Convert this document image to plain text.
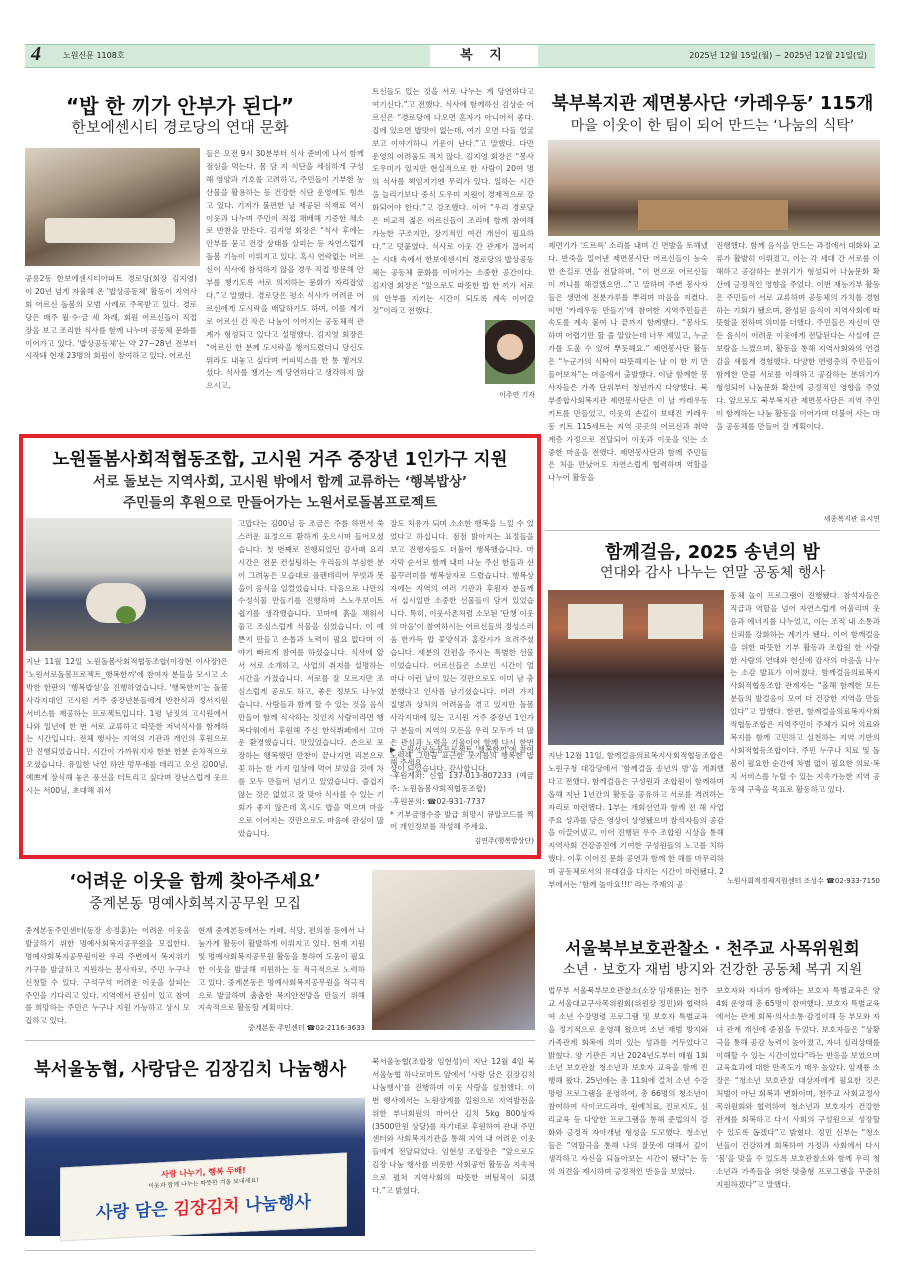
4	노원신문 1108호	복 지	2025년 12월 15일(월) ~ 2025년 12월 21일(일)
“밥 한 끼가 안부가 된다”
한보에센시티 경로당의 연대 문화
공릉2동 한보에센시티아파트 경로당(회장 김지영)이 20년 넘게 자율해 온 '밥상공동체' 활동이 지역사회 어르신 돌봄의 모범 사례로 주목받고 있다. 경로당은 매주 월·수·금 세 차례, 회원 어르신들이 직접 장을 보고 조리한 식사를 함께 나누며 공동체 문화를 이어가고 있다. '밥상공동체'는 약 27~28년 전부터 시작돼 현재 23명의 회원이 참여하고 있다. 어르신
들은 오전 9시 30분부터 식사 준비에 나서 함께 점심을 먹는다. 몸 담 지 식단을 세심하게 구성해 영양과 기호를 고려하고, 주민들이 기부한 농산물을 활용하는 등 건강한 식단 운영에도 힘쓰고 있다. 기저가 불편한 날 제공된 식재료 역시 이웃과 나누며 주민이 직접 채배해 기증한 채소로 반찬을 만든다. 김지영 회장은 “식사 후에는 안부를 묻고 건강 상태를 살피는 등 자연스럽게 돌봄 기능이 이뤄지고 있다. 혹시 연락없는 어르신이 식사에 참석하지 않을 경우 직접 방문해 안부를 챙기도록 서로 의지하는 문화가 자리잡았다.”고 말했다. 경로당은 평소 식사가 어려운 어르신에게 도시락을 배달하기도 하며, 이를 계기로 어르신 간 작은 나눔이 이어지는 공동체적 관계가 형성되고 있다고 설명했다. 김지영 회장은 “어르신 한 분께 도시락을 챙겨드렸더니 당신도 뭐라도 내놓고 싶다며 커피믹스를 한 통 챙겨오셨다. 식사를 챙기는 게 당연하다고 생각하지 않으시고,
트신들도 있는 것을 서로 나누는 게 당연하다고 여기신다.”고 전했다. 식사에 함께하신 김상순 어르신은 “경로당에 나오면 혼자가 아니어서 좋다. 집에 있으면 밥맛이 없는데, 여기 오면 다들 얼굴 보고 이야기하니 기운이 난다.”고 말했다. 다만 운영의 어려움도 적지 않다. 김지영 회장은 “봉사 도우미가 있지만 현실적으로 한 사람이 20여 명의 식사를 책임지기엔 무리가 있다. 일하는 시간을 늘리기보다 중식 도우미 지원이 경제적으로 강화되어야 한다.”고 강조했다. 이어 “우리 경로당은 비교적 젊은 어르신들이 조리에 함께 참여해 가능한 구조지만, 장기적인 여건 개선이 필요하다.”고 덧붙였다. 식사로 이웃 간 관계가 끊어지는 시대 속에서 한보에센시티 경로당의 밥상공동체는 공동체 문화를 이어가는 소중한 공간이다. 김지영 회장은 “앞으로도 따뜻한 밥 한 끼가 서로의 안부를 지키는 시간이 되도록 계속 이어갈 것”이라고 전했다.
이주연 기자
노원돌봄사회적협동조합, 고시원 거주 중장년 1인가구 지원
서로 돌보는 지역사회, 고시원 밖에서 함께 교류하는 ‘행복밥상’
주민들의 후원으로 만들어가는 노원서로돌봄프로젝트
지난 11월 12일 노원돌봄사회적협동조합(이장현 이사장)은 '노원서로돌봄프로젝트_행복한끼'에 참여자 분들을 모시고 소박한 한판의 '행복밥상'을 진행하였습니다. '행복한끼'는 돌봄 사각지대인 고시원 거주 중장년분들에게 반찬식과 정서지원 서비스를 제공하는 프로젝트입니다. 1평 남짓의 고시원에서 나와 일년에 한 번 서로 교류하고 따뜻한 저녁식사를 함께하는 시간입니다. 전체 행사는 지역의 기관과 개인의 후원으로만 진행되었습니다. 시간이 가까워지자 한분 한분 순차적으로 오셨습니다. 유일한 낙인 하얀 멍무새를 데리고 오신 김00님, 예쁘게 장식해 놓은 풍선을 터트리고 싶다며 장난스럽게 웃으시는 서00님, 초대해 줘서
고맙다는 김00님 등 조금은 주름 하면서 쑥스러운 표정으로 환하게 웃으시며 들어오셨습니다. 첫 번째로 진행되었던 감사패 요리 시간은 전문 컨설팅하는 우리들의 부심한 분이 그려놓은 모습대로 플랜테리어 무엇과 봇을이 음식을 일컬었습니다. 다음으로 나만의 수정식물 만들기를 진행하며 스노우보이트 쉽기를 생각했습니다. 꼬마에 흙을 채워서 둘고 조심스럽게 식물을 심었습니다. 이 예쁜지 만들고 손톱과 노력이 필요 없다며 이야기 빠르게 참여를 하셨습니다. 식사에 앞서 서로 소개하고, 사업의 취지를 설명하는 시간을 가졌습니다. 서로를 잘 모르지만 조심스럽게 공로도 하고, 좋은 정보도 나누었습니다. 사람들과 함께 할 수 있는 것을 음식 만들어 함께 식사하는 것인지 사람이라면 행복다워에서 후원해 주신 한식뷔페에서 고마운 환경했습니다. 맛있었습니다. 손으로 포장하는 행복했던 만찬이 끝나지면 리본으로 꽃 하는 한 가지 일상에 먹어 보았을 것에 차를 모두 만들어 넘기고 있었습니다. 즐겁지 않는 것은 없었고 잘 맞아 식사를 수 있는 기회가 좋지 않은데 혹시도 밥을 먹으며 마음으로 이어지는 것만으로도 마음에 관심이 많았습니다.
잘도 치유가 되며 소소한 행복을 느낄 수 있었다고 하십니다. 점점 밝아지는 표정들을 보고 진행자들도 더불어 행복했습니다. 마지막 순서로 함께 내미 나눈 주신 한들과 선물꾸러미를 행복상자로 드렸습니다. 행복상자에는 지역의 여러 기관과 후원자 분들께서 십시일반 소중한 선물들이 담겨 있었습니다. 특히, 이웃사촌처럼 소모된 '단챙 이웃의 마음'이 참여하시는 어르신들의 정성스러움 한가득 밥 꽃양식과 홈캉시가 흐려주셨습니다. 세분의 간편을 주시는 특별한 선물이었습니다. 어르신들은 소보인 시간이 얼마나 이런 날이 있는 것만으로도 이미 남 충분했다고 인사를 남기셨습니다. 여러 가지 질병과 상처의 어려움을 겪고 있지만 돌봄 사각지대에 있는 고시원 거주 중장년 1인가구 분들이 지역의 모든을 우리 모두가 더 많은 관심과 노력을 기울이어 함께 다시 한번 노력해 그만끔 표근한 붓기를의 행복한 밥상이 되었습니다. 감사합니다.
▶ 노원서로돌봄프로젝트 '행복한끼'에 참여해 주세요
-후원계좌: 신협 137-013-807233 (예금주: 노원돌봄사회적협동조합)
-후원문의: ☎02-931-7737
* 기부금영수증 발급 희망시 큐알코드를 찍어 개인정보를 작성해 주세요.
김연주(행복밥상단)
북부복지관 제면봉사단 ‘카레우동’ 115개
마을 이웃이 한 팀이 되어 만드는 ‘나눔의 식탁’
제면기가 '드르륵' 소리를 내며 긴 면발을 토해냈다. 반죽을 밀어낸 제면봉사단 어르신들이 능숙한 손길로 면을 전달하며, “이 면으로 어르신들이 끼니를 해결했으면...”고 말하며 주변 봉사자들은 생면에 전분가루를 뿌리며 마음을 지켰다. 이번 '카레우동 만들기'에 참여한 지역주민들은 속도를 계속 붙여 나 끝까지 함께했다. “봉사도 하며 어렵기만 할 줄 알았는데 너무 재밌고, 누군가를 도울 수 있어 뿌듯해요.” 제면봉사단 활동은 “누군가의 식탁이 따뜻해지는 날 이 한 끼 만들어보자”는 마음에서 출발했다. 이날 함께한 봉사자들은 가족 단위부터 청년까지 다양했다. 북부종합사회복지관 제면봉사단은 이 날 카레우동 키트를 만들었고, 이웃의 손길이 보태진 카레우동 키트 115세트는 지역 곳곳의 어르신과 취약계층 가정으로 전달되어 이웃과 이웃을 잇는 소중한 마음을 전했다. 제면봉사단과 함께 주민들은 처음 만났어도 자연스럽게 협력하며 역할을 나누어 활동을
진행했다. 함께 음식을 만드는 과정에서 대화와 교류가 활발히 이뤄졌고, 이는 각 세대 간 서로를 이해하고 공감하는 분위기가 형성되어 나눔문화 확산에 긍정적인 영향을 주었다. 이번 재능기부 활동은 주민들이 서로 교류하며 공동체의 가치를 경험하는 기회가 됐으며, 완성된 음식이 지역사회에 따뜻함을 전하며 의미를 더했다. 주민들은 자신이 만든 음식이 어려운 이웃에게 전달된다는 사실에 큰 보람을 느꼈으며, 활동을 통해 지역사회와의 연결감을 새롭게 경험했다. 다양한 연령층의 주민들이 함께한 만큼 서로를 이해하고 공감하는 분위기가 형성되어 나눔문화 확산에 긍정적인 영향을 주었다. 앞으로도 북부복지관 제면봉사단은 지역 주민이 함께하는 나눔 활동을 이어가며 더불어 사는 마을 공동체를 만들어 갈 계획이다.
세종복지관 유시연
함께걸음, 2025 송년의 밤
연대와 감사 나누는 연말 공동체 행사
지난 12월 11일, 함께걸음의료복지사회적협동조합은 노원구청 대강당에서 '함께걸음 송년의 밤'을 개최했다고 전했다. 함께걸음은 구성원과 조합원이 함께하며 올해 지난 1년간의 활동을 공유하고 서로를 격려하는 자리로 마련했다. 1부는 개회선언과 함께 전 해 사업 주요 성과를 담은 영상이 상영됐으며 참석자들의 공감을 이끌어냈고, 이어 진행된 우수 조합원 시상을 통해 지역사회 건강증진에 기여한 구성원들의 노고를 치하했다. 이후 이어진 문화 공연과 함께 한 해를 마무리하며 공동체로서의 유대감을 다지는 시간이 마련됐다. 2부에서는 '함께 놀아요!!!' 라는 주제의 공
동체 놀이 프로그램이 진행됐다. 참석자들은 직급과 역할을 넘어 자연스럽게 어울리며 웃음과 에너지를 나누었고, 이는 조직 내 소통과 신뢰를 강화하는 계기가 됐다. 이어 함께걸음을 위한 따뜻한 기부 활동과 조합원 한 사람 한 사람의 연대와 헌신에 감사의 마음을 나누는 소감 발표가 이어졌다. 함께걸음의료복지사회적협동조합 관계자는 “올해 함께한 모든 분들의 발걸음이 모여 더 건강한 지역을 만들었다”고 말했다. 한편, 함께걸음의료복지사회적협동조합은 지역주민이 주체가 되어 의료와 복지를 함께 고민하고 실천하는 지역 기반의 사회적협동조합이다. 주민 누구나 치료 및 돌봄이 필요한 순간에 차별 없이 필요한 의료·복지 서비스를 누릴 수 있는 지속가능한 지역 공동체 구축을 목표로 활동하고 있다.
노원사회적경제지원센터 조성수 ☎02-933-7150
‘어려운 이웃을 함께 찾아주세요’
중계본동 명예사회복지공무원 모집
중계본동주민센터(동장 송정훈)는 어려운 이웃을 발굴하기 위한 명예사회복지공무원을 모집한다. 명예사회복지공무원이란 우리 주변에서 복지위기가구를 발굴하고 지원하는 봉사자로, 주민 누구나 신청할 수 있다. 구석구석 어려운 이웃을 살피는 주민을 기다리고 있다. 지역에서 관심이 있고 참여를 희망하는 주민은 누구나 지원 가능하고 상시 모집하고 있다.
현재 중계본동에서는 카페, 식당, 편의점 등에서 나눔가게 활동이 활발하게 이뤄지고 있다. 현재 지원 및 명예사회복지공무원 활동을 통하여 도움이 필요한 이웃을 발굴해 지원하는 등 적극적으로 노력하고 있다. 중계본동은 명예사회복지공무원을 적극적으로 발굴하며 촘촘한 복지안전망을 만들기 위해 지속적으로 활동할 계획이다.
중계본동 주민센터 ☎02-2116-3633
북서울농협, 사랑담은 김장김치 나눔행사
사랑 나누기, 행복 두배!
이웃과 함께 나누는 따뜻한 겨울 보내세요!
사랑 담은 김장김치 나눔행사
북서울농협(조합장 임현성)이 지난 12월 4일 북서울농협 하나로마트 앞에서 '사랑 담은 김장김치 나눔행사'를 진행하며 이웃 사랑을 실천했다. 이번 행사에서는 노원상계를 일원으로 지역발전을 위한 부녀회원의 마어산 김치 5kg 800상자(3500만원 상당)를 자기네로 후원하여 관내 주민센터와 사회복지기관을 통해 지역 내 어려운 이웃들에게 전달되었다. 임현성 조합장은 “앞으로도 김장 나눔 행사를 비롯한 사회공헌 활동을 지속적으로 펼쳐 지역사회의 따뜻한 버팀목이 되겠다.”고 밝혔다.
서울북부보호관찰소 · 천주교 사목위원회
소년 · 보호자 재범 방지와 건강한 공동체 복귀 지원
법무부 서울북부보호관찰소(소장 임재룡)는 천주교 서울대교구사목위원회(위원장 정민)와 협력하여 소년 수강명령 프로그램 및 보호자 특별교육을 정기적으로 운영해 왔으며 소년 재범 방지와 가족관계 회복에 의미 있는 성과를 거두었다고 밝혔다. 양 기관은 지난 2024년도부터 매월 1회 소년 보호관찰 청소년과 보호자 교육을 함께 진행해 왔다. 25년에는 총 11회에 걸쳐 소년 수강명령 프로그램을 운영하여, 총 66명의 청소년이 참여하여 사이코드라마, 원예치료, 진로지도, 심리교육 등 다양한 프로그램을 통해 준법의식 강화와 긍정적 자아개념 형성을 도모했다. 청소년들은 “역할극을 통해 나의 잘못에 대해서 깊이 생각하고 자신을 되돌아보는 시간이 됐다”는 등의 의견을 제시하며 긍정적인 반응을 보였다.
보호자와 자녀가 함께하는 보호자 특별교육은 양 4회 운영해 총 65명이 참여했다. 보호자 특별교육에서는 관계 회복·의사소통·감정이해 등 부모와 자녀 관계 개선에 중점을 두었다. 보호자들은 “상황극을 통해 공감 능력이 높아졌고, 자녀 심리상태를 이해할 수 있는 시간이었다”라는 반응을 보였으며 교육효과에 대한 만족도가 매우 높았다. 임재룡 소장은 “청소년 보호관찰 대상자에게 필요한 것은 처벌이 아닌 회복과 변화이며, 천주교 사회교정사목위원회와 협력하여 청소년과 보호자가 건강한 관계를 회복하고 다시 사회의 구성원으로 성장할 수 있도록 돕겠다”고 밝혔다. 정민 신부는 “청소년들이 건강하게 회복하여 가정과 사회에서 다시 '봄'을 맞을 수 있도록 보호관찰소와 함께 우리 청소년과 가족들을 위한 맞춤형 프로그램을 꾸준히 지원하겠다”고 말했다.
